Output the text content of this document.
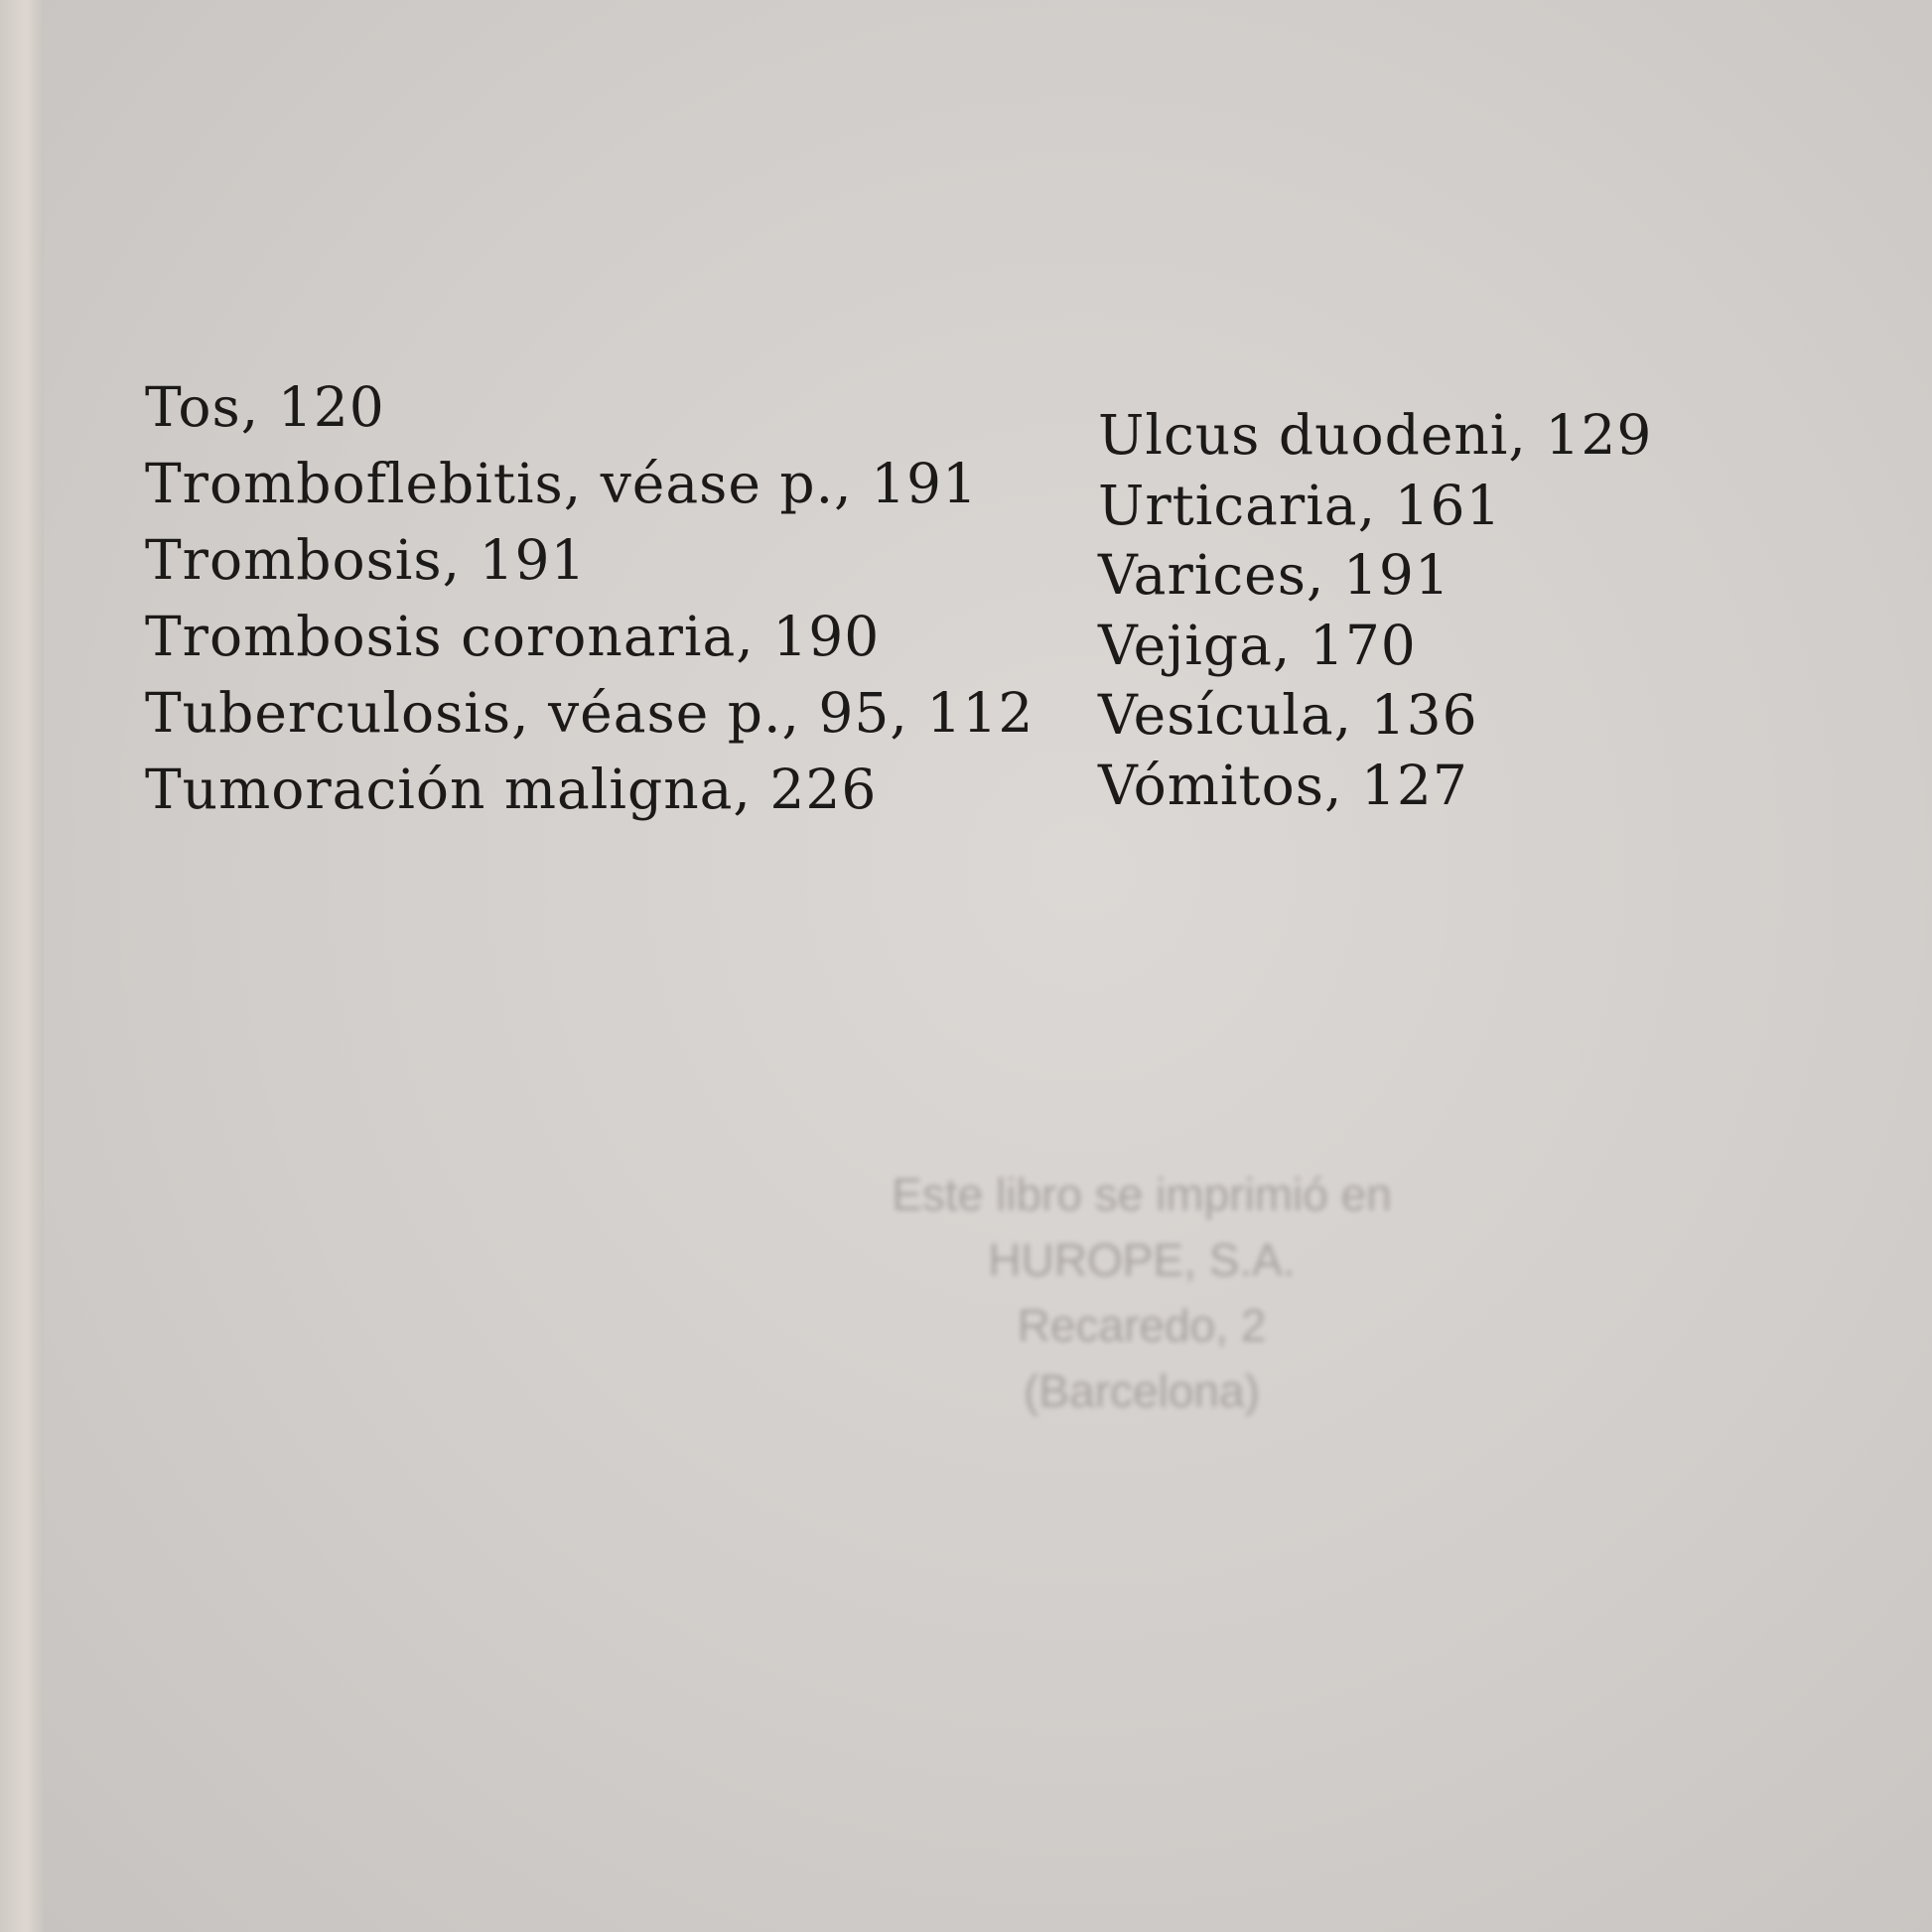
Tos, 120
Tromboflebitis, véase p., 191
Trombosis, 191
Trombosis coronaria, 190
Tuberculosis, véase p., 95, 112
Tumoración maligna, 226
Ulcus duodeni, 129
Urticaria, 161
Varices, 191
Vejiga, 170
Vesícula, 136
Vómitos, 127
Este libro se imprimió en
HUROPE, S.A.
Recaredo, 2
(Barcelona)
